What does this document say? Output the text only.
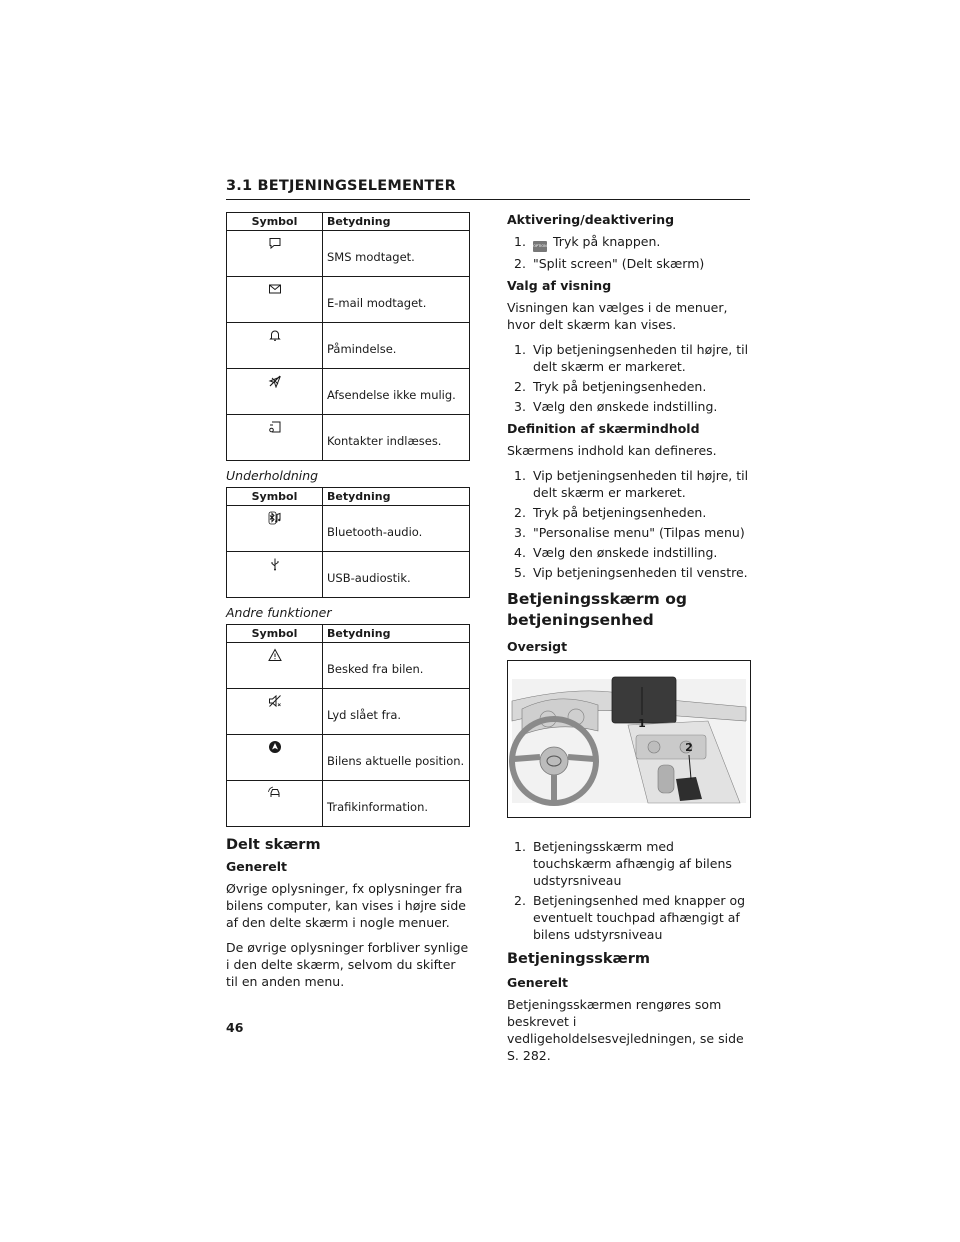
3.1 BETJENINGSELEMENTER
Symbol	Betydning
	SMS modtaget.
	E-mail modtaget.
	Påmindelse.
	Afsendelse ikke mulig.
	Kontakter indlæses.
Underholdning
Symbol	Betydning
	Bluetooth-audio.
	USB-audiostik.
Andre funktioner
Symbol	Betydning
	Besked fra bilen.
	Lyd slået fra.
	Bilens aktuelle position.
	Trafikinformation.
Delt skærm
Generelt

Øvrige oplysninger, fx oplysninger fra bilens computer, kan vises i højre side af den delte skærm i nogle menuer.

De øvrige oplysninger forbliver synlige i den delte skærm, selvom du skifter til en anden menu.

Aktivering/deaktivering
1. OPTION Tryk på knappen.
2. "Split screen" (Delt skærm)
Valg af visning

Visningen kan vælges i de menuer, hvor delt skærm kan vises.

1. Vip betjeningsenheden til højre, til delt skærm er markeret.
2. Tryk på betjeningsenheden.
3. Vælg den ønskede indstilling.
Definition af skærmindhold

Skærmens indhold kan defineres.

1. Vip betjeningsenheden til højre, til delt skærm er markeret.
2. Tryk på betjeningsenheden.
3. "Personalise menu" (Tilpas menu)
4. Vælg den ønskede indstilling.
5. Vip betjeningsenheden til venstre.
Betjeningsskærm og betjeningsenhed
Oversigt
1
2
1. Betjeningsskærm med touchskærm afhængig af bilens udstyrsniveau
2. Betjeningsenhed med knapper og eventuelt touchpad afhængigt af bilens udstyrsniveau
Betjeningsskærm
Generelt

Betjeningsskærmen rengøres som beskrevet i vedligeholdelsesvejledningen, se side S. 282.

46
